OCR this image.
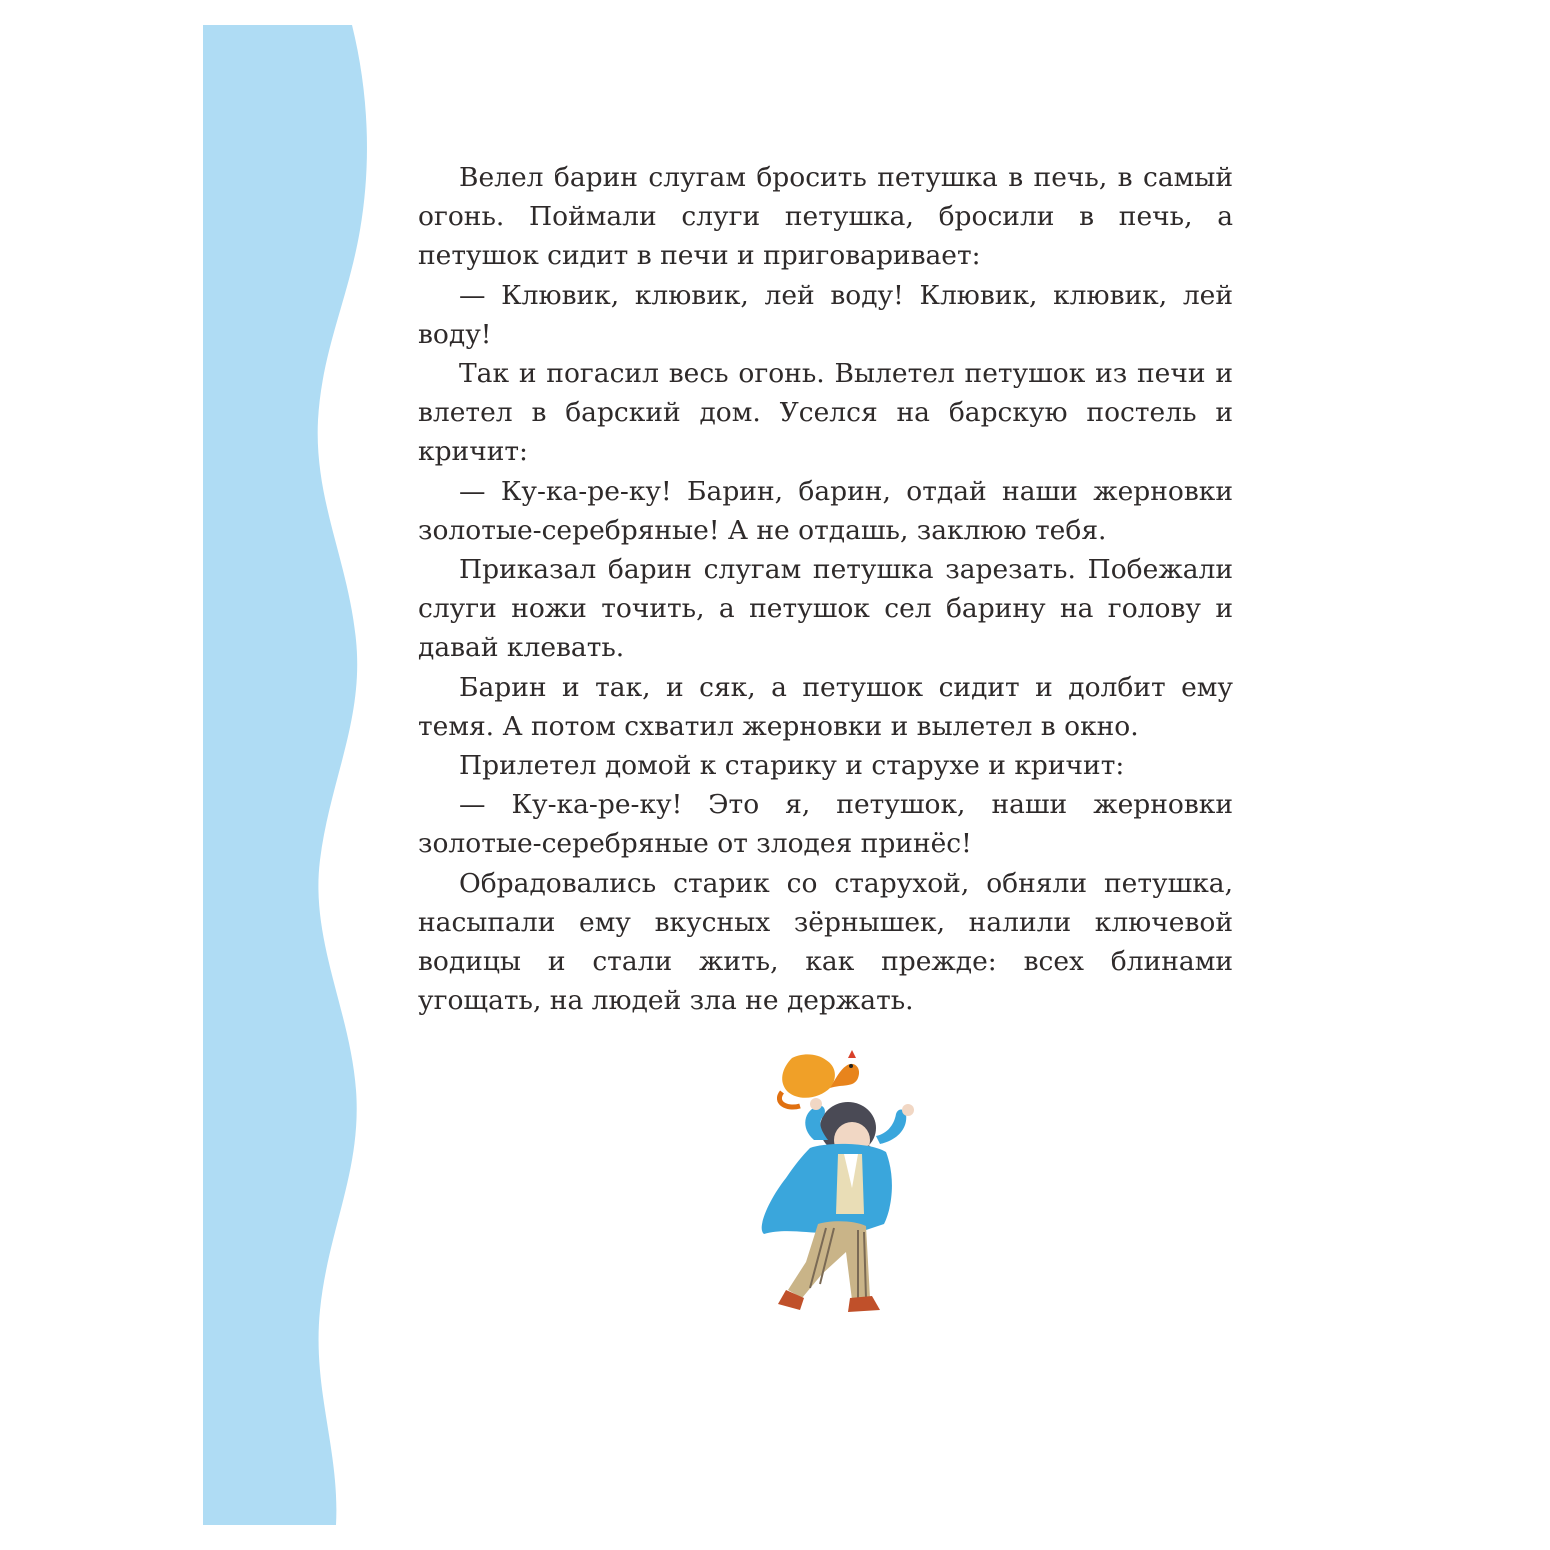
Велел барин слугам бросить петушка в печь, в самый огонь. Поймали слуги петушка, бросили в печь, а петушок сидит в печи и приговаривает:

— Клювик, клювик, лей воду! Клювик, клювик, лей воду!

Так и погасил весь огонь. Вылетел петушок из печи и влетел в барский дом. Уселся на барскую постель и кричит:

— Ку-ка-ре-ку! Барин, барин, отдай наши жерновки золотые-серебряные! А не отдашь, заклюю тебя.

Приказал барин слугам петушка зарезать. Побежали слуги ножи точить, а петушок сел барину на голову и давай клевать.

Барин и так, и сяк, а петушок сидит и долбит ему темя. А потом схватил жерновки и вылетел в окно.

Прилетел домой к старику и старухе и кричит:

— Ку-ка-ре-ку! Это я, петушок, наши жерновки золотые-серебряные от злодея принёс!

Обрадовались старик со старухой, обняли петушка, насыпали ему вкусных зёрнышек, налили ключевой водицы и стали жить, как прежде: всех блинами угощать, на людей зла не держать.
